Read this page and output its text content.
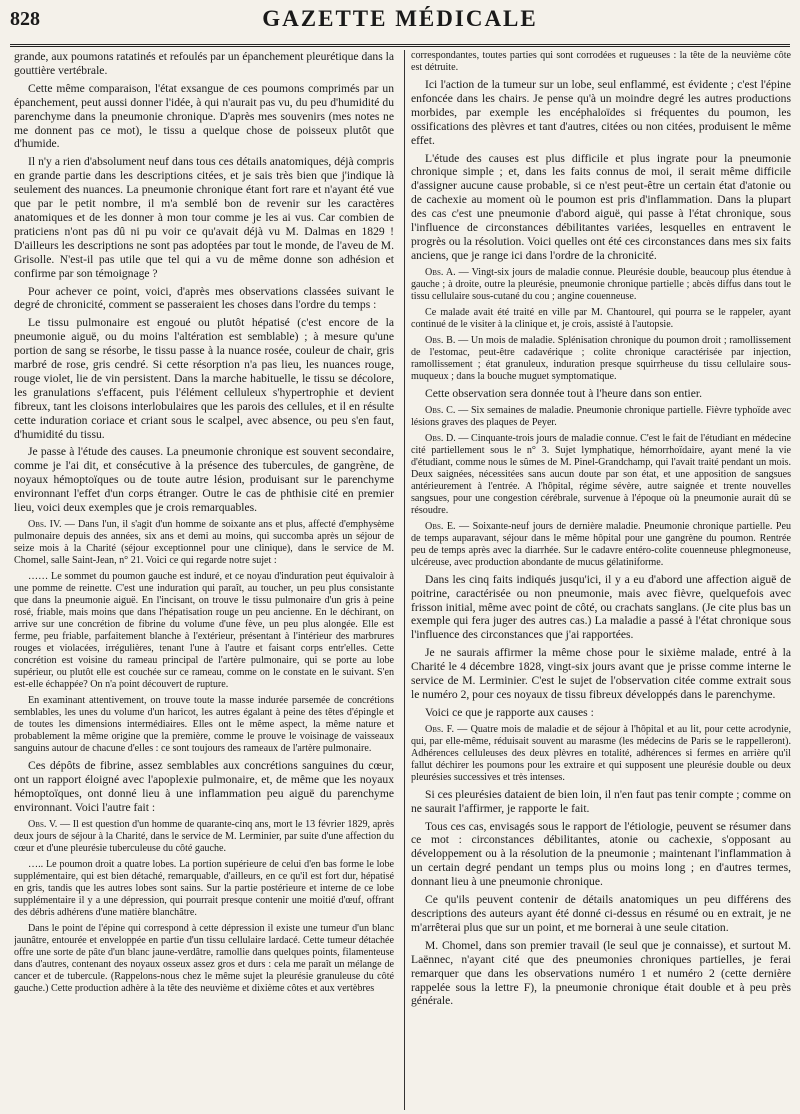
828	GAZETTE MÉDICALE

grande, aux poumons ratatinés et refoulés par un épanchement pleurétique dans la gouttière vertébrale.

Cette même comparaison, l'état exsangue de ces poumons comprimés par un épanchement, peut aussi donner l'idée, à qui n'aurait pas vu, du peu d'humidité du parenchyme dans la pneumonie chronique. D'après mes souvenirs (mes notes ne me donnent pas ce mot), le tissu a quelque chose de poisseux plutôt que d'humide.

Il n'y a rien d'absolument neuf dans tous ces détails anatomiques, déjà compris en grande partie dans les descriptions citées, et je sais très bien que j'indique là seulement des nuances. La pneumonie chronique étant fort rare et n'ayant été vue que par le petit nombre, il m'a semblé bon de revenir sur les caractères anatomiques et de les donner à mon tour comme je les ai vus. Car combien de praticiens n'ont pas dû ni pu voir ce qu'avait déjà vu M. Dalmas en 1829 ! D'ailleurs les descriptions ne sont pas adoptées par tout le monde, de l'aveu de M. Grisolle. N'est-il pas utile que tel qui a vu de même donne son adhésion et confirme par son témoignage ?

Pour achever ce point, voici, d'après mes observations classées suivant le degré de chronicité, comment se passeraient les choses dans l'ordre du temps :

Le tissu pulmonaire est engoué ou plutôt hépatisé (c'est encore de la pneumonie aiguë, ou du moins l'altération est semblable) ; à mesure qu'une portion de sang se résorbe, le tissu passe à la nuance rosée, couleur de chair, gris marbré de rose, gris cendré. Si cette résorption n'a pas lieu, les nuances rouge, rouge violet, lie de vin persistent. Dans la marche habituelle, le tissu se décolore, les granulations s'effacent, puis l'élément celluleux s'hypertrophie et devient fibreux, tant les cloisons interlobulaires que les parois des cellules, et il en résulte cette induration coriace et criant sous le scalpel, avec absence, ou peu s'en faut, d'humidité du tissu.

Je passe à l'étude des causes. La pneumonie chronique est souvent secondaire, comme je l'ai dit, et consécutive à la présence des tubercules, de gangrène, de noyaux hémoptoïques ou de toute autre lésion, produisant sur le parenchyme environnant l'effet d'un corps étranger. Outre le cas de phthisie cité en premier lieu, voici deux exemples que je crois remarquables.

Obs. IV. — Dans l'un, il s'agit d'un homme de soixante ans et plus, affecté d'emphysème pulmonaire depuis des années, six ans et demi au moins, qui succomba après un séjour de seize mois à la Charité (séjour exceptionnel pour une clinique), dans le service de M. Chomel, salle Saint-Jean, n° 21. Voici ce qui regarde notre sujet :

…… Le sommet du poumon gauche est induré, et ce noyau d'induration peut équivaloir à une pomme de reinette. C'est une induration qui paraît, au toucher, un peu plus consistante que dans la pneumonie aiguë. En l'incisant, on trouve le tissu pulmonaire d'un gris à peine rosé, friable, mais moins que dans l'hépatisation rouge un peu ancienne. En le déchirant, on arrive sur une concrétion de fibrine du volume d'une fève, un peu plus alongée. Elle est ferme, peu friable, parfaitement blanche à l'extérieur, présentant à l'intérieur des marbrures rouges et violacées, irrégulières, tenant l'une à l'autre et faisant corps entr'elles. Cette concrétion est voisine du rameau principal de l'artère pulmonaire, qui se porte au lobe supérieur, ou plutôt elle est couchée sur ce rameau, comme on le constate en le suivant. S'en est-elle échappée? On n'a point découvert de rupture.

En examinant attentivement, on trouve toute la masse indurée parsemée de concrétions semblables, les unes du volume d'un haricot, les autres égalant à peine des têtes d'épingle et de toutes les dimensions intermédiaires. Elles ont le même aspect, la même nature et probablement la même origine que la première, comme le prouve le voisinage de vaisseaux sanguins autour de chacune d'elles : ce sont toujours des rameaux de l'artère pulmonaire.

Ces dépôts de fibrine, assez semblables aux concrétions sanguines du cœur, ont un rapport éloigné avec l'apoplexie pulmonaire, et, de même que les noyaux hémoptoïques, ont donné lieu à une inflammation peu aiguë du parenchyme environnant. Voici l'autre fait :

Obs. V. — Il est question d'un homme de quarante-cinq ans, mort le 13 février 1829, après deux jours de séjour à la Charité, dans le service de M. Lerminier, par suite d'une affection du cœur et d'une pleurésie tuberculeuse du côté gauche.

….. Le poumon droit a quatre lobes. La portion supérieure de celui d'en bas forme le lobe supplémentaire, qui est bien détaché, remarquable, d'ailleurs, en ce qu'il est fort dur, hépatisé en gris, tandis que les autres lobes sont sains. Sur la partie postérieure et interne de ce lobe supplémentaire il y a une dépression, qui pourrait presque contenir une moitié d'œuf, offrant des débris adhérens d'une matière blanchâtre.

Dans le point de l'épine qui correspond à cette dépression il existe une tumeur d'un blanc jaunâtre, entourée et enveloppée en partie d'un tissu cellulaire lardacé. Cette tumeur détachée offre une sorte de pâte d'un blanc jaune-verdâtre, ramollie dans quelques points, filamenteuse dans d'autres, contenant des noyaux osseux assez gros et durs : cela me paraît un mélange de cancer et de tubercule. (Rappelons-nous chez le même sujet la pleurésie granuleuse du côté gauche.) Cette production adhère à la tête des neuvième et dixième côtes et aux vertèbres

correspondantes, toutes parties qui sont corrodées et rugueuses : la tête de la neuvième côte est détruite.

Ici l'action de la tumeur sur un lobe, seul enflammé, est évidente ; c'est l'épine enfoncée dans les chairs. Je pense qu'à un moindre degré les autres productions morbides, par exemple les encéphaloïdes si fréquentes du poumon, les ossifications des plèvres et tant d'autres, citées ou non citées, produisent le même effet.

L'étude des causes est plus difficile et plus ingrate pour la pneumonie chronique simple ; et, dans les faits connus de moi, il serait même difficile d'assigner aucune cause probable, si ce n'est peut-être un certain état d'atonie ou de cachexie au moment où le poumon est pris d'inflammation. Dans la plupart des cas c'est une pneumonie d'abord aiguë, qui passe à l'état chronique, sous l'influence de circonstances débilitantes variées, lesquelles en entravent le progrès ou la résolution. Voici quelles ont été ces circonstances dans mes six faits anciens, que je range ici dans l'ordre de la chronicité.

Obs. A. — Vingt-six jours de maladie connue. Pleurésie double, beaucoup plus étendue à gauche ; à droite, outre la pleurésie, pneumonie chronique partielle ; abcès diffus dans tout le tissu cellulaire sous-cutané du cou ; angine couenneuse.

Ce malade avait été traité en ville par M. Chantourel, qui pourra se le rappeler, ayant continué de le visiter à la clinique et, je crois, assisté à l'autopsie.

Obs. B. — Un mois de maladie. Splénisation chronique du poumon droit ; ramollissement de l'estomac, peut-être cadavérique ; colite chronique caractérisée par injection, ramollissement ; état granuleux, induration presque squirrheuse du tissu cellulaire sous-muqueux ; dans la bouche muguet symptomatique.

Cette observation sera donnée tout à l'heure dans son entier.

Obs. C. — Six semaines de maladie. Pneumonie chronique partielle. Fièvre typhoïde avec lésions graves des plaques de Peyer.

Obs. D. — Cinquante-trois jours de maladie connue. C'est le fait de l'étudiant en médecine cité partiellement sous le n° 3. Sujet lymphatique, hémorrhoïdaire, ayant mené la vie d'étudiant, comme nous le sûmes de M. Pinel-Grandchamp, qui l'avait traité pendant un mois. Deux saignées, nécessitées sans aucun doute par son état, et une apposition de sangsues antérieurement à l'entrée. A l'hôpital, régime sévère, autre saignée et trente nouvelles sangsues, pour une congestion cérébrale, survenue à l'époque où la pneumonie aurait dû se résoudre.

Obs. E. — Soixante-neuf jours de dernière maladie. Pneumonie chronique partielle. Peu de temps auparavant, séjour dans le même hôpital pour une gangrène du poumon. Rentrée peu de temps après avec la diarrhée. Sur le cadavre entéro-colite couenneuse phlegmoneuse, ulcéreuse, avec production abondante de mucus gélatiniforme.

Dans les cinq faits indiqués jusqu'ici, il y a eu d'abord une affection aiguë de poitrine, caractérisée ou non pneumonie, mais avec fièvre, quelquefois avec frisson initial, même avec point de côté, ou crachats sanglans. (Je cite plus bas un exemple qui fera juger des autres cas.) La maladie a passé à l'état chronique sous l'influence des circonstances que j'ai rapportées.

Je ne saurais affirmer la même chose pour le sixième malade, entré à la Charité le 4 décembre 1828, vingt-six jours avant que je prisse comme interne le service de M. Lerminier. C'est le sujet de l'observation citée comme extrait sous le numéro 2, pour ces noyaux de tissu fibreux développés dans le parenchyme.

Voici ce que je rapporte aux causes :

Obs. F. — Quatre mois de maladie et de séjour à l'hôpital et au lit, pour cette acrodynie, qui, par elle-même, réduisait souvent au marasme (les médecins de Paris se le rappelleront). Adhérences celluleuses des deux plèvres en totalité, adhérences si fermes en arrière qu'il fallut déchirer les poumons pour les extraire et qui supposent une pleurésie double ou deux pleurésies successives et très intenses.

Si ces pleurésies dataient de bien loin, il n'en faut pas tenir compte ; comme on ne saurait l'affirmer, je rapporte le fait.

Tous ces cas, envisagés sous le rapport de l'étiologie, peuvent se résumer dans ce mot : circonstances débilitantes, atonie ou cachexie, s'opposant au développement ou à la résolution de la pneumonie ; maintenant l'inflammation à un certain degré pendant un temps plus ou moins long ; en d'autres termes, donnant lieu à une pneumonie chronique.

Ce qu'ils peuvent contenir de détails anatomiques un peu différens des descriptions des auteurs ayant été donné ci-dessus en résumé ou en extrait, je ne m'arrêterai plus que sur un point, et me bornerai à une seule citation.

M. Chomel, dans son premier travail (le seul que je connaisse), et surtout M. Laënnec, n'ayant cité que des pneumonies chroniques partielles, je ferai remarquer que dans les observations numéro 1 et numéro 2 (cette dernière rappelée sous la lettre F), la pneumonie chronique était double et à peu près générale.
